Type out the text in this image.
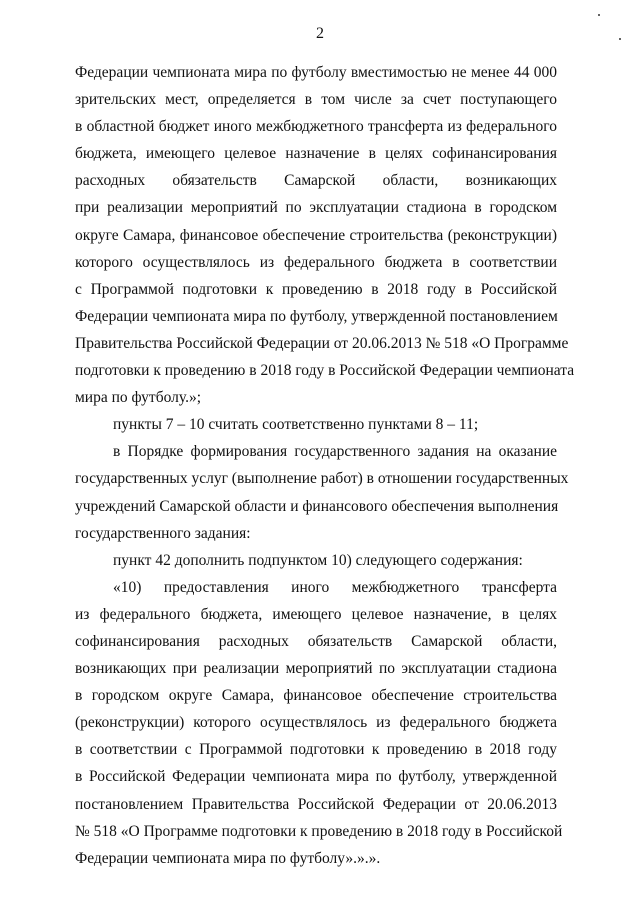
2
Федерации чемпионата мира по футболу вместимостью не менее 44 000
зрительских мест, определяется в том числе за счет поступающего
в областной бюджет иного межбюджетного трансферта из федерального
бюджета, имеющего целевое назначение в целях софинансирования
расходных обязательств Самарской области, возникающих
при реализации мероприятий по эксплуатации стадиона в городском
округе Самара, финансовое обеспечение строительства (реконструкции)
которого осуществлялось из федерального бюджета в соответствии
с Программой подготовки к проведению в 2018 году в Российской
Федерации чемпионата мира по футболу, утвержденной постановлением
Правительства Российской Федерации от 20.06.2013 № 518 «О Программе
подготовки к проведению в 2018 году в Российской Федерации чемпионата
мира по футболу.»;
пункты 7 – 10 считать соответственно пунктами 8 – 11;
в Порядке формирования государственного задания на оказание
государственных услуг (выполнение работ) в отношении государственных
учреждений Самарской области и финансового обеспечения выполнения
государственного задания:
пункт 42 дополнить подпунктом 10) следующего содержания:
«10) предоставления иного межбюджетного трансферта
из федерального бюджета, имеющего целевое назначение, в целях
софинансирования расходных обязательств Самарской области,
возникающих при реализации мероприятий по эксплуатации стадиона
в городском округе Самара, финансовое обеспечение строительства
(реконструкции) которого осуществлялось из федерального бюджета
в соответствии с Программой подготовки к проведению в 2018 году
в Российской Федерации чемпионата мира по футболу, утвержденной
постановлением Правительства Российской Федерации от 20.06.2013
№ 518 «О Программе подготовки к проведению в 2018 году в Российской
Федерации чемпионата мира по футболу».».».
